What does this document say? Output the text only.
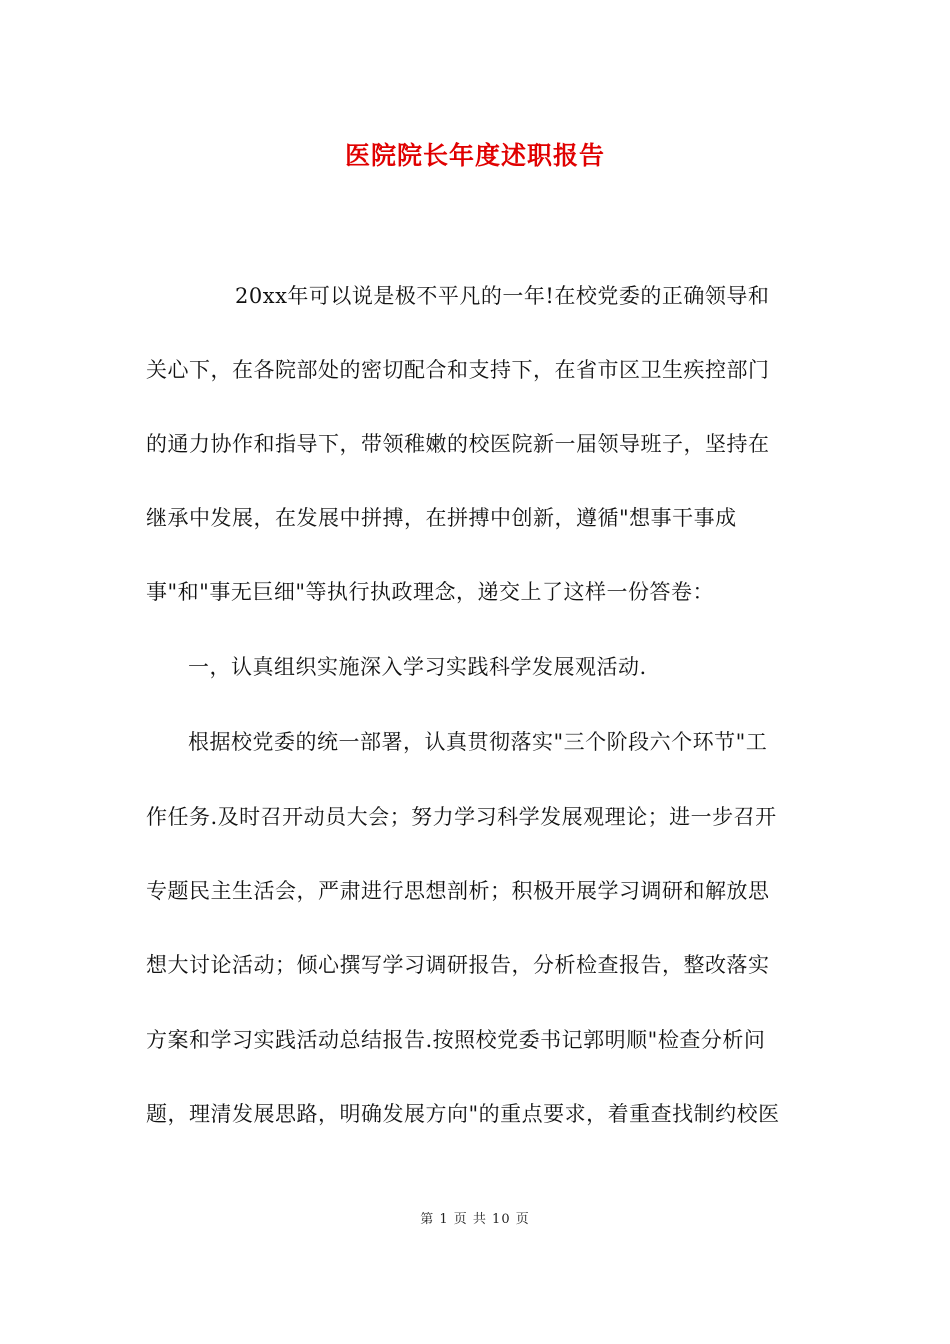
医院院长年度述职报告
20xx年可以说是极不平凡的一年!在校党委的正确领导和
关心下，在各院部处的密切配合和支持下，在省市区卫生疾控部门
的通力协作和指导下，带领稚嫩的校医院新一届领导班子，坚持在
继承中发展，在发展中拼搏，在拼搏中创新，遵循"想事干事成
事"和"事无巨细"等执行执政理念，递交上了这样一份答卷：
一，认真组织实施深入学习实践科学发展观活动.
根据校党委的统一部署，认真贯彻落实"三个阶段六个环节"工
作任务.及时召开动员大会；努力学习科学发展观理论；进一步召开
专题民主生活会，严肃进行思想剖析；积极开展学习调研和解放思
想大讨论活动；倾心撰写学习调研报告，分析检查报告，整改落实
方案和学习实践活动总结报告.按照校党委书记郭明顺"检查分析问
题，理清发展思路，明确发展方向"的重点要求，着重查找制约校医
第 1 页 共 10 页
